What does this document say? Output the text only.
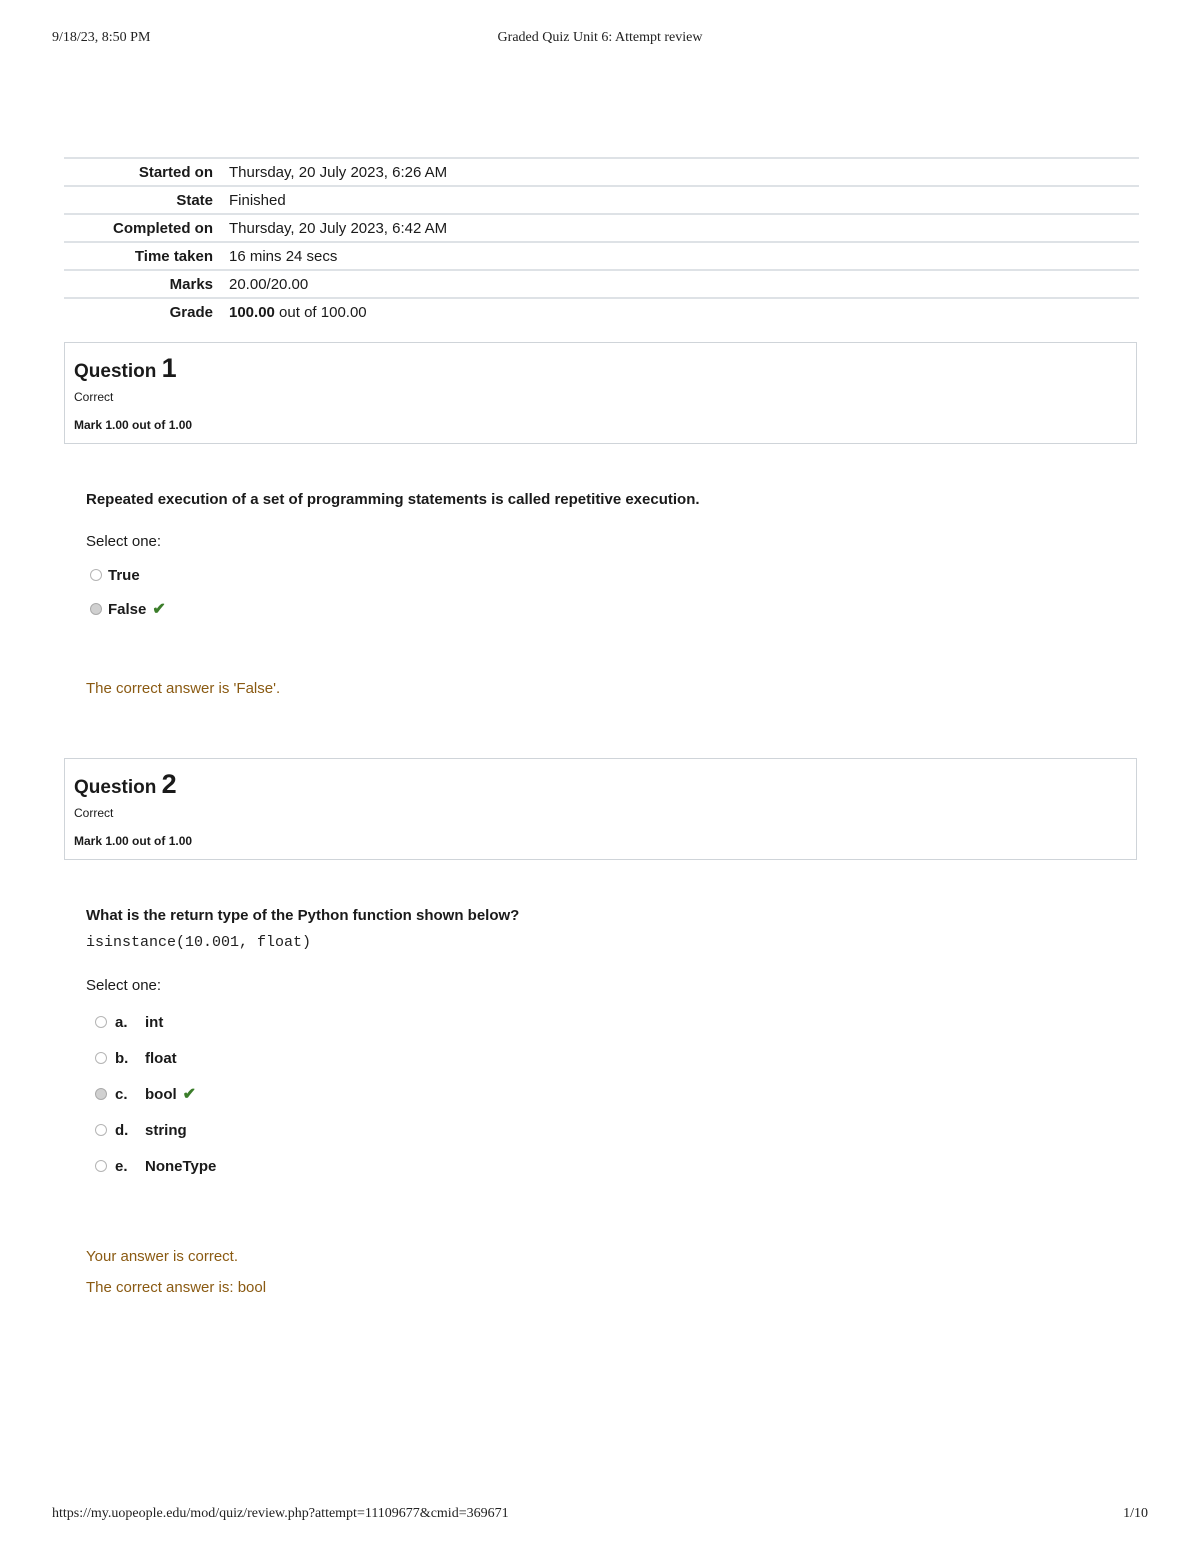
9/18/23, 8:50 PM	Graded Quiz Unit 6: Attempt review
Started on	Thursday, 20 July 2023, 6:26 AM
State	Finished
Completed on	Thursday, 20 July 2023, 6:42 AM
Time taken	16 mins 24 secs
Marks	20.00/20.00
Grade	100.00 out of 100.00
Question 1
Correct
Mark 1.00 out of 1.00
Repeated execution of a set of programming statements is called repetitive execution.
Select one:
True
False ✔
The correct answer is 'False'.
Question 2
Correct
Mark 1.00 out of 1.00
What is the return type of the Python function shown below?
isinstance(10.001, float)
Select one:
a.	int
b.	float
c.	bool ✔
d.	string
e.	NoneType
Your answer is correct.
The correct answer is: bool
https://my.uopeople.edu/mod/quiz/review.php?attempt=11109677&cmid=369671	1/10
